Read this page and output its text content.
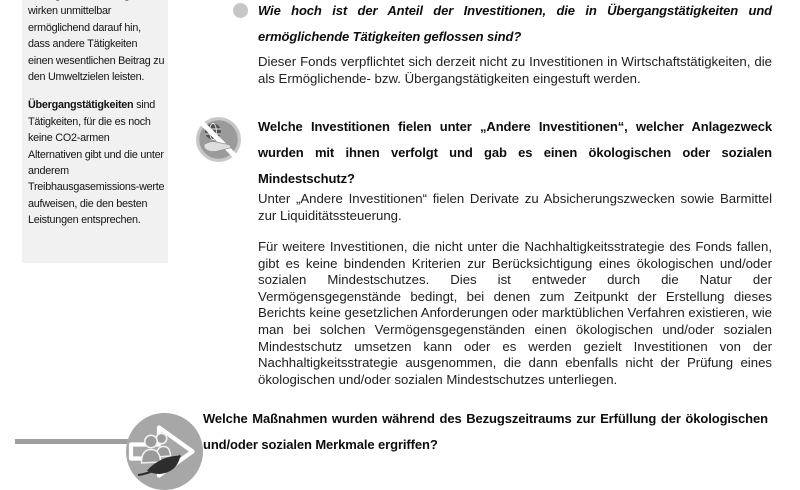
wirken unmittelbar ermöglichend darauf hin, dass andere Tätigkeiten einen wesentlichen Beitrag zu den Umweltzielen leisten.

Übergangstätigkeiten sind Tätigkeiten, für die es noch keine CO2-armen Alternativen gibt und die unter anderem Treibhausgasemissions-werte aufweisen, die den besten Leistungen entsprechen.

Wie hoch ist der Anteil der Investitionen, die in Übergangstätigkeiten und ermöglichende Tätigkeiten geflossen sind?

Dieser Fonds verpflichtet sich derzeit nicht zu Investitionen in Wirtschaftstätigkeiten, die als Ermöglichende- bzw. Übergangstätigkeiten eingestuft werden.

Welche Investitionen fielen unter „Andere Investitionen“, welcher Anlagezweck wurden mit ihnen verfolgt und gab es einen ökologischen oder sozialen Mindestschutz?

Unter „Andere Investitionen“ fielen Derivate zu Absicherungszwecken sowie Barmittel zur Liquiditätssteuerung.

Für weitere Investitionen, die nicht unter die Nachhaltigkeitsstrategie des Fonds fallen, gibt es keine bindenden Kriterien zur Berücksichtigung eines ökologischen und/oder sozialen Mindestschutzes. Dies ist entweder durch die Natur der Vermögensgegenstände bedingt, bei denen zum Zeitpunkt der Erstellung dieses Berichts keine gesetzlichen Anforderungen oder marktüblichen Verfahren existieren, wie man bei solchen Vermögensgegenständen einen ökologischen und/oder sozialen Mindestschutz umsetzen kann oder es werden gezielt Investitionen von der Nachhaltigkeitsstrategie ausgenommen, die dann ebenfalls nicht der Prüfung eines ökologischen und/oder sozialen Mindestschutzes unterliegen.

Welche Maßnahmen wurden während des Bezugszeitraums zur Erfüllung der ökologischen und/oder sozialen Merkmale ergriffen?
